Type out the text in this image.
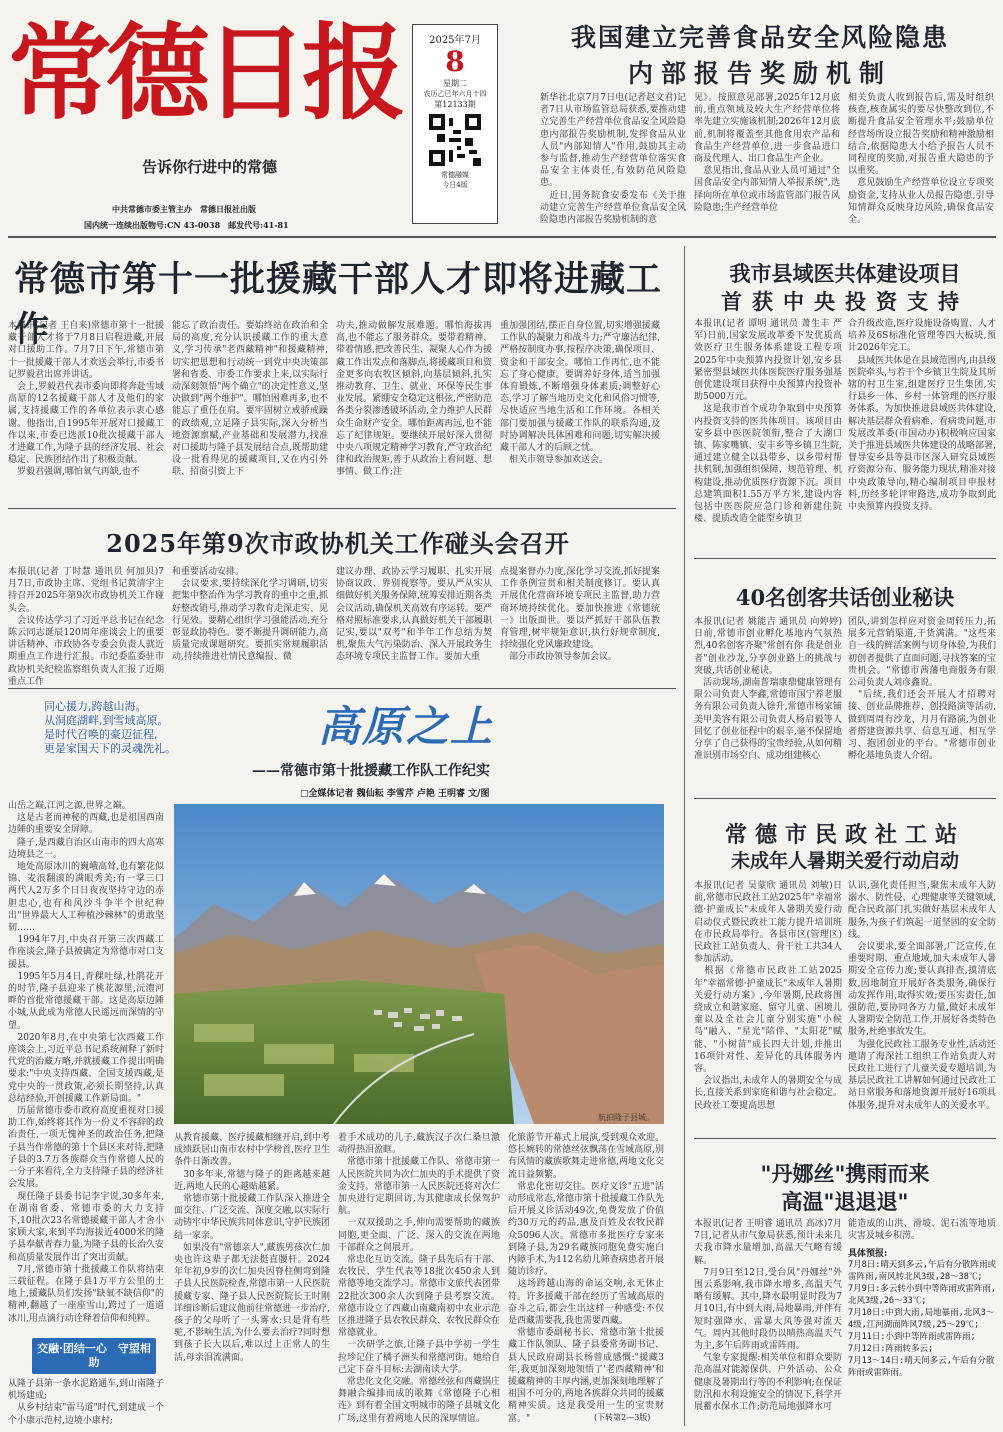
常德日报
告诉你行进中的常德
中共常德市委主管主办　常德日报社出版
国内统一连续出版物号:CN 43-0038　邮发代号:41-81
2025年7月
8
星期二
农历乙巳年六月十四
第12133期
常德融媒
今日4版
我国建立完善食品安全风险隐患
内部报告奖励机制
新华社北京7月7日电(记者赵文君)记者7日从市场监管总局获悉,要推动建立完善生产经营单位食品安全风险隐患内部报告奖励机制,发挥食品从业人员"内部知情人"作用,鼓励其主动参与监督,推动生产经营单位落实食品安全主体责任,有效防范风险隐患。
　近日,国务院食安委发布《关于推动建立完善生产经营单位食品安全风险隐患内部报告奖励机制的意
见》。按照意见部署,2025年12月底前,重点领域及较大生产经营单位将率先建立实施该机制;2026年12月底前,机制将覆盖至其他食用农产品和食品生产经营单位,进一步食品进口商及代理人、出口食品生产企业。
　意见指出,食品从业人员可通过"全国食品安全内部知情人举报系统",选择向所在单位或市场监管部门报告风险隐患;生产经营单位
相关负责人收到报告后,需及时组织核查,核查属实的要尽快整改到位,不断提升食品安全管理水平;鼓励单位经营场所设立报告奖励和精神激励相结合,依据隐患大小给予报告人员不同程度的奖励,对报告重大隐患的予以重奖。
　意见鼓励生产经营单位设立专项奖励资金,支持从业人员报告隐患,引导知情群众反映身边风险,确保食品安全。
常德市第十一批援藏干部人才即将进藏工作
本报讯(记者 王自来)常德市第十一批援藏干部人才将于7月8日启程进藏,开展对口援助工作。7月7日下午,常德市第十一批援藏干部人才欢送会举行,市委书记罗毅君出席并讲话。
　会上,罗毅君代表市委向即将奔赴雪域高原的12名援藏干部人才及他们的家属,支持援藏工作的各单位表示衷心感谢。他指出,自1995年开展对口援藏工作以来,市委已选派10批次援藏干部人才进藏工作,为隆子县的经济发展、社会稳定、民族团结作出了积极贡献。
　罗毅君强调,哪怕氧气再缺,也不
能忘了政治责任。要始终站在政治和全局的高度,充分认识援藏工作的重大意义,学习传承"老西藏精神"和援藏精神,切实把思想和行动统一到党中央决策部署和省委、市委工作要求上来,以实际行动深刻领悟"两个确立"的决定性意义,坚决做到"两个维护"。哪怕困难再多,也不能忘了重任在肩。要牢固树立戒骄戒躁的政绩观,立足隆子县实际,深入分析当地资源禀赋,产业基础和发展潜力,找准对口援助与隆子县发展结合点,既帮助建设一批看得见的援藏项目,又在内引外联、招商引资上下
功夫,推动做解发展难题。哪怕海拔再高,也不能忘了服务群众。要带着精神、带着情感,把改善民生、凝聚人心作为援藏工作出发点和落脚点,将援藏项目和资金更多向农牧区倾斜,向基层倾斜,扎实推动教育、卫生、就业、环保等民生事业发展。紧绷安全稳定这根弦,严密防范各类分裂渗透破坏活动,全力维护人民群众生命财产安全。哪怕距离再远,也不能忘了纪律规矩。要继续开展好深入贯彻中央八项规定精神学习教育,严守政治纪律和政治规矩,善于从政治上看问题、想事情、做工作;注
重加强团结,摆正自身位置,切实增强援藏工作队的凝聚力和战斗力;严守廉洁纪律,严格按制度办事,按程序决策,确保项目、资金和干部安全。哪怕工作再忙,也不能忘了身心健康。要调养好身体,适当加强体育锻炼,不断增强身体素质;调整好心态,学习了解当地历史文化和风俗习惯等,尽快适应当地生活和工作环境。各相关部门要加强与援藏工作队的联系沟通,及时协调解决具体困难和问题,切实解决援藏干部人才的后顾之忧。
　相关市领导参加欢送会。
2025年第9次市政协机关工作碰头会召开
本报讯(记者 丁时慧 通讯员 何加贝)7月7日,市政协主席、党组书记黄清宇主持召开2025年第9次市政协机关工作碰头会。
　会议传达学习了习近平总书记在纪念陈云同志诞辰120周年座谈会上的重要讲话精神、市政协各专委会负责人就近期重点工作进行汇报。市纪委监委驻市政协机关纪检监察组负责人汇报了近期重点工作
和重要活动安排。
　会议要求,要持续深化学习调研,切实把集中整治作为学习教育的重中之重,抓好整改销号,推动学习教育走深走实、见行见效。要精心组织学习强能活动,充分彰显政协特色。要不断提升调研能力,高质量完成课题研究。要抓实常规履职活动,持续推进社情民意编报、微
建议办理、政协云学习履职、扎实开展协商议政、界别视察等。要从严从实从细做好机关服务保障,统筹安排近期各类会议活动,确保机关高效有序运转。要严格对照标准要求,认真做好机关干部履职记实,要以"双考"和半年工作总结为契机,聚焦大气污染防治、深入开展政务生态环境专项民主监督工作。要加大重
点提案督办力度,深化学习交流,抓好提案工作条例宣贯和相关制度修订。要认真开展优化营商环境专项民主监督,助力营商环境持续优化。要加快推进《常德统一》出版面世。要以严抓好干部队伍教育管理,树牢规矩意识,执行好规章制度,持续强化党风廉政建设。
　部分市政协领导参加会议。
我市县域医共体建设项目
首获中央投资支持
本报讯(记者 谭明 通讯员 萧生丰 严军)日前,国家发展改革委下发优质高效医疗卫生服务体系建设工程专项2025年中央预算内投资计划,安乡县紧密型县域医共体医院医疗服务强基创优建设项目获得中央预算内投资补助5000万元。
　这是我市首个成功争取到中央预算内投资支持的医共体项目。该项目由安乡县中医医院领衔,整合了大湖口镇、陈家嘴镇、安丰乡等乡镇卫生院,通过建立健全以县带乡、以乡带村帮扶机制,加强组织保障、规范管理、机构建设,推动优质医疗资源下沉。项目总建筑面积1.55万平方米,建设内容包括中医医院应急门诊和新建住院楼、提质改造全能型乡镇卫
合升级改造,医疗设施设备购置、人才培养及6S标准化管理等四大板块,预计2026年完工。
　县域医共体是在县域范围内,由县级医院牵头,与若干个乡镇卫生院及其所辖的村卫生室,组建医疗卫生集团,实行县乡一体、乡村一体管理的医疗服务体系。为加快推进县域医共体建设,解决基层群众看病难、看病贵问题,市发展改革委(市国动办)积极响应国家关于推进县域医共体建设的战略部署,督导安乡县等县市区深入研究县域医疗资源分布、服务能力现状,精准对接中央政策导向,精心编制项目申报材料,历经多轮评审路选,成功争取到此中央预算内投资支持。
40名创客共话创业秘诀
本报讯(记者 姚能吉 通讯员 向婷婷)日前,常德市创业孵化基地内气氛热烈,40名创客齐聚"常创有你 我是创业者"创业沙龙,分享创业路上的挑战与突破,共话创业秘诀。
　活动现场,湖南普瑞康鼎健康管理有限公司负责人李鑫,常德市国宁养老服务有限公司负责人徐升,常德市杨家铺美甲美容有限公司负责人杨启毅等人回忆了创业征程中的艰辛,毫不保留地分享了自己获得的宝贵经验,从如何精准识别市场空白、成功组建核心
团队,讲到怎样应对资金周转压力,拓展多元营销渠道,干货满满。"这些来自一线的鲜活案例与切身体验,为我们初创者提供了直面问题,寻找答案的宝贵机会。"常德市茜藩电商服务有限公司负责人刘彦鑫说。
　"后续,我们还会开展人才招聘对接、创业品牌推荐、创投路演等活动,做到周周有沙龙、月月有路演,为创业者搭建资源共享、信息互通、相互学习、抱团创业的平台。"常德市创业孵化基地负责人介绍。
常德市民政社工站
未成年人暑期关爱行动启动
本报讯(记者 吴蒙欣 通讯员 刘敏)日前,常德市民政社工站2025年"幸福常德·护童成长"未成年人暑期关爱行动启动仪式暨民政社工能力提升培训班在市民政局举行。各县市区(管理区)民政社工站负责人、骨干社工共34人参加活动。
　根据《常德市民政社工站2025年"幸福常德·护童成长"未成年人暑期关爱行动方案》,今年暑期,民政将围绕成立和谐家庭、留守儿童、困境儿童以及全社会儿童分别实施"小候鸟"融入、"星光"陪伴、"太阳花"赋能、"小树苗"成长四大计划,并推出16项针对性、差异化的具体服务内容。
　会议指出,未成年人的暑期安全与成长,直接关系到家庭和谐与社会稳定。民政社工要提高思想
认识,强化责任担当,聚焦未成年人防溺水、防性侵、心理健康等关键领域,配合民政部门扎实做好基层未成年人服务,为孩子们筑起一道坚固的安全防线。
　会议要求,要全面部署,广泛宣传,在重要时期、重点地域,加大未成年人暑期安全宣传力度;要认真排查,摸清底数,因地制宜开展好各类服务,确保行动发挥作用,取得实效;要压实责任,加强防范,要协同各方力量,做好未成年人暑期安全防范工作,开展好各类特色服务,杜绝事故发生。
　为强化民政社工服务专业性,活动还邀请了海深社工组织工作站负责人对民政社工进行了儿童关爱专题培训,为基层民政社工讲解如何通过民政社工站日常服务和落地资源开展好16项具体服务,提升对未成年人的关爱水平。
"丹娜丝"携雨而来
高温"退退退"
本报讯(记者 王明睿 通讯员 高冰)7月7日,记者从市气象局获悉,预计未来几天我市降水量增加,高温天气略有缓解。
　7月9日至12日,受台风"丹娜丝"外围云系影响,我市降水增多,高温天气略有缓解。其中,降水最明显时段为7月10日,有中到大雨,局地暴雨,并伴有短时强降水、雷暴大风等强对流天气。周内其他时段仍以晴热高温天气为主,多午后阵雨或雷阵雨。
　气象专家提醒:相关单位和群众要防范高温对能源保供、户外活动、公众健康及暑期出行等的不利影响;在保证防汛和水利设施安全的情况下,科学开展蓄水保水工作;防范局地强降水可
能造成的山洪、滑坡、泥石流等地质灾害及城乡积涝。
具体预报:
7月8日:晴天到多云,午后有分散阵雨或雷阵雨,南风转北风3级,28～38℃;
7月9日:多云转小到中等阵雨或雷阵雨,北风3级,26～33℃;
7月10日:中到大雨,局地暴雨,北风3～4级,江河湖面阵风7级,25～29℃;
7月11日:小到中等阵雨或雷阵雨;
7月12日:阵雨转多云;
7月13～14日:晴天间多云,午后有分散阵雨或雷阵雨。
同心援力,跨越山海。
从洞庭湖畔,到雪域高原。
是时代召唤的豪迈征程,
更是家国天下的灵魂洗礼。	高原之上
——常德市第十批援藏工作队工作纪实
□全媒体记者 魏仙耘 李雪芹 卢艳 王明睿 文/图
山岳之巅,江河之源,世界之巅。
　这是古老而神秘的西藏,也是祖国西南边陲的重要安全屏障。
　隆子,是西藏自治区山南市的四大高寒边境县之一。
　地处高原冰川的巍峨高耸,也有繁花似锦、麦浪翻滚的满眼秀美;有一掌三口两代人2万多个日日夜夜坚持守边的赤胆忠心,也有和风沙斗争半个世纪种出"世界最大人工种植沙棘林"的勇敢坚韧……
　1994年7月,中央召开第三次西藏工作座谈会,隆子县被确定为常德市对口支援县。
　1995年5月4日,青稞吐绿,杜鹃花开的时节,隆子县迎来了桃花源里,沅澧河畔的首批常德援藏干部。这是高原边陲小城,从此成为常德人民遥远而深情的守望。
　2020年8月,在中央第七次西藏工作座谈会上,习近平总书记系统阐释了新时代党的治藏方略,并就援藏工作提出明确要求:"中央支持西藏、全国支援西藏,是党中央的一贯政策,必须长期坚持,认真总结经验,开创援藏工作新局面。"
　历届常德市委市政府高度重视对口援助工作,始终将其作为一份义不容辞的政治责任,一项无愧神圣的政治任务,把隆子县当作常德的第十个县区来对待,把隆子县的3.7万各族群众当作常德人民的一分子来看待,全力支持隆子县的经济社会发展。
　现任隆子县委书记李宇说,30多年来,在湖南省委、常德市委的大力支持下,10批次23名常德援藏干部人才舍小家顾大家,来到平均海拔近4000米的隆子县奉献青春力量,为隆子县的长治久安和高质量发展作出了突出贡献。
　7月,常德市第十批援藏工作队将结束三载征程。在隆子县1万平方公里的土地上,援藏队员们发扬"缺氧不缺信仰"的精神,翻越了一座座雪山,跨过了一道道冰川,用点滴行动诠释着信仰和纯粹。
航拍隆子县城。
从教育援藏、医疗援藏相继开启,到中考成绩跃居山南市农村中学榜首,医疗卫生条件日渐改善。
　30多年来,常德与隆子的距离越来越近,两地人民的心越贴越紧。
　常德市第十批援藏工作队深入推进全面交往、广泛交流、深度交融,以实际行动铸牢中华民族共同体意识,守护民族团结一家亲。
　如果没有"常德亲人",藏族男孩次仁加央也许这辈子都无法挺直腰杆。2024年年初,9岁的次仁加央因脊柱侧弯到隆子县人民医院检查,常德市第一人民医院援藏专家、隆子县人民医院院长王时刚详细诊断后建议他前往常德进一步治疗,孩子的父母听了一头雾水:只是背有些驼,不影响生活,为什么要去治疗?同时想到孩子长大以后,难以过上正常人的生活,母亲泪流满面。
着手术成功的儿子,藏族汉子次仁桑旦激动得热泪盈眶。
　常德市第十批援藏工作队、常德市第一人民医院共同为次仁加央的手术提供了资金支持。常德市第一人民医院还将对次仁加央进行定期回访,为其健康成长保驾护航。
　一双双援助之手,伸向需要帮助的藏族同胞,更全面、广泛、深入的交流在两地干部群众之间展开。
　常忠化互访交流。隆子县先后有干部、农牧民、学生代表等18批次450余人到常德等地交流学习。常德市文旅代表团带22批次300余人次到隆子县考察交流。常德市设立了西藏山南藏南初中农业示范区推进隆子县农牧民群众、农牧民群众在常德就业。
　一次研学之旅,让隆子县中学初一学生拉珍记住了橘子洲头和常德河街。她给自己定下奋斗目标:去湖南读大学。
　常忠化文化交融。常德丝弦和西藏锅庄舞融合编排而成的歌舞《常德隆子心相连》到有着全国文明城市的隆子县城文化广场,这里有着两地人民的深厚情谊。
化旅游节开幕式上展演,受到观众欢迎。悠长婉转的常德丝弦飘荡在雪域高原,别有风情的藏族歌舞走进常德,两地文化交流日益频繁。
　常忠化密切交往。医疗义诊"五进"活动形成常态,常德市第十批援藏工作队先后开展义诊活动49次,免费发放了价值约30万元的药品,惠及百姓及农牧民群众5096人次。常德市多批医疗专家来到隆子县,为29名藏族同胞免费实施白内障手术,为112名幼儿筛查病患者开展随访诊疗。
　这场跨越山海的命运交响,永无休止符。许多援藏干部在经历了雪域高原的奋斗之后,都会生出这样一种感受:不仅是西藏需要我,我也需要西藏。
　常德市委副秘书长、常德市第十批援藏工作队领队、隆子县委常务副书记、县人民政府副县长杨曾成感慨:"援藏3年,我更加深刻地领悟了'老西藏精神'和援藏精神的丰厚内涵,更加深刻地理解了祖国不可分的,两地各族群众共同的援藏精神实质。这是我受用一生的宝贵财富。"	(下转第2—3版)
交融·团结一心　守望相助
从隆子县第一条水泥路通车,到山南隆子机场建成;
　从乡村结束"雷马道"时代,到建成一个个小康示范村,边境小康村;
